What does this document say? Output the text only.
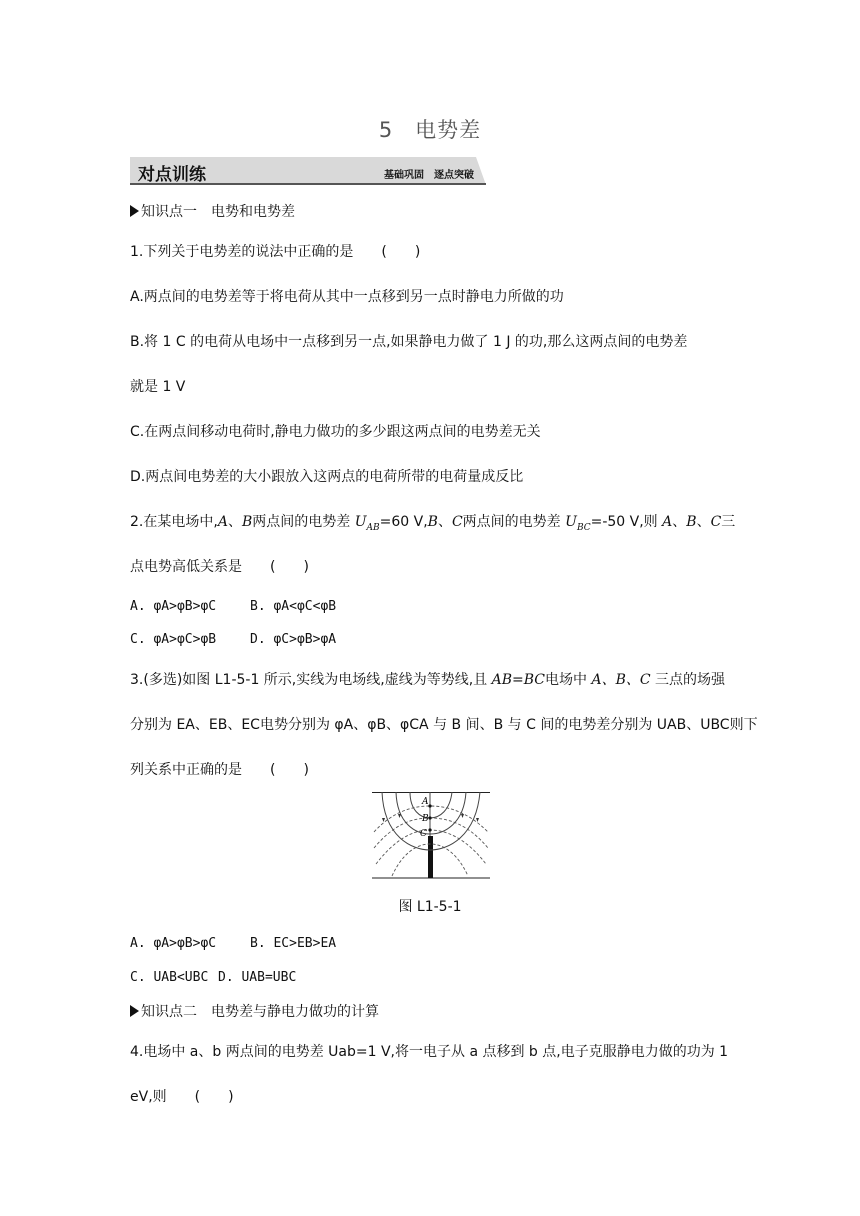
5　电势差
对点训练	基础巩固　逐点突破
知识点一　电势和电势差
1.下列关于电势差的说法中正确的是　　(　　)
A.两点间的电势差等于将电荷从其中一点移到另一点时静电力所做的功
B.将 1 C 的电荷从电场中一点移到另一点,如果静电力做了 1 J 的功,那么这两点间的电势差
就是 1 V
C.在两点间移动电荷时,静电力做功的多少跟这两点间的电势差无关
D.两点间电势差的大小跟放入这两点的电荷所带的电荷量成反比
2.在某电场中,A、B两点间的电势差 $U_{AB}=60$ V,B、C两点间的电势差 $U_{BC}=-50$ V,则 A、B、C三
点电势高低关系是　　(　　)
A. φA>φB>φC	B. φA<φC<φB
C. φA>φC>φB	D. φC>φB>φA
3.(多选)如图 L1-5-1 所示,实线为电场线,虚线为等势线,且 AB=BC电场中 A、B、C 三点的场强
分别为 EA、EB、EC电势分别为 φA、φB、φCA 与 B 间、B 与 C 间的电势差分别为 UAB、UBC则下
列关系中正确的是　　(　　)
A
B
C
图 L1-5-1
A. φA>φB>φC	B. EC>EB>EA
C. UAB<UBC D. UAB=UBC
知识点二　电势差与静电力做功的计算
4.电场中 a、b 两点间的电势差 Uab=1 V,将一电子从 a 点移到 b 点,电子克服静电力做的功为 1
eV,则　　(　　)
